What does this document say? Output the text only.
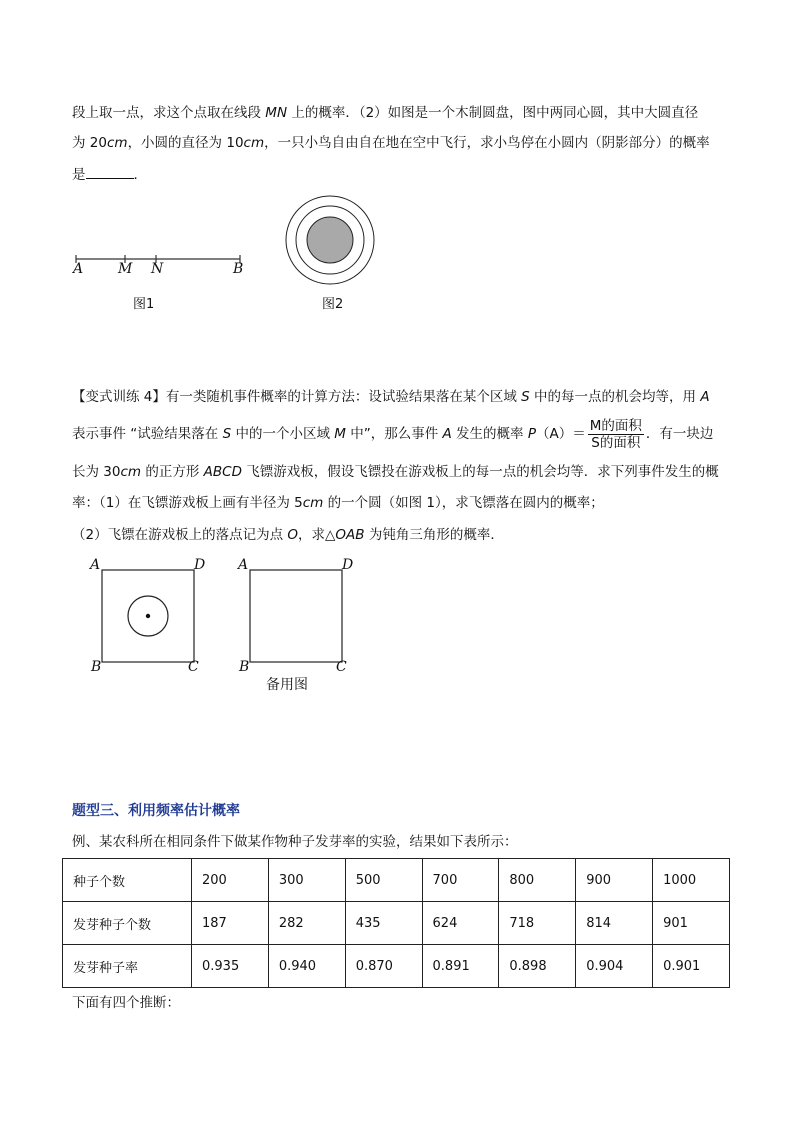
段上取一点，求这个点取在线段 MN 上的概率．（2）如图是一个木制圆盘，图中两同心圆，其中大圆直径
为 20cm，小圆的直径为 10cm，一只小鸟自由自在地在空中飞行，求小鸟停在小圆内（阴影部分）的概率
是	．
A M N	B
图1	图2
【变式训练 4】有一类随机事件概率的计算方法：设试验结果落在某个区域 S 中的每一点的机会均等，用 A
表示事件 “试验结果落在 S 中的一个小区域 M 中”，那么事件 A 发生的概率 $P(A)= \frac{\text{M的面积}}{\text{S的面积}}$ ．有一块边
长为 30cm 的正方形 ABCD 飞镖游戏板，假设飞镖投在游戏板上的每一点的机会均等．求下列事件发生的概
率：（1）在飞镖游戏板上画有半径为 5cm 的一个圆（如图 1），求飞镖落在圆内的概率；
（2）飞镖在游戏板上的落点记为点 O，求△OAB 为钝角三角形的概率．
A	D
B	C
A	D
B	C
备用图
题型三、利用频率估计概率
例、某农科所在相同条件下做某作物种子发芽率的实验，结果如下表所示：
种子个数	200	300	500	700	800	900	1000
发芽种子个数	187	282	435	624	718	814	901
发芽种子率	0.935	0.940	0.870	0.891	0.898	0.904	0.901
下面有四个推断：
